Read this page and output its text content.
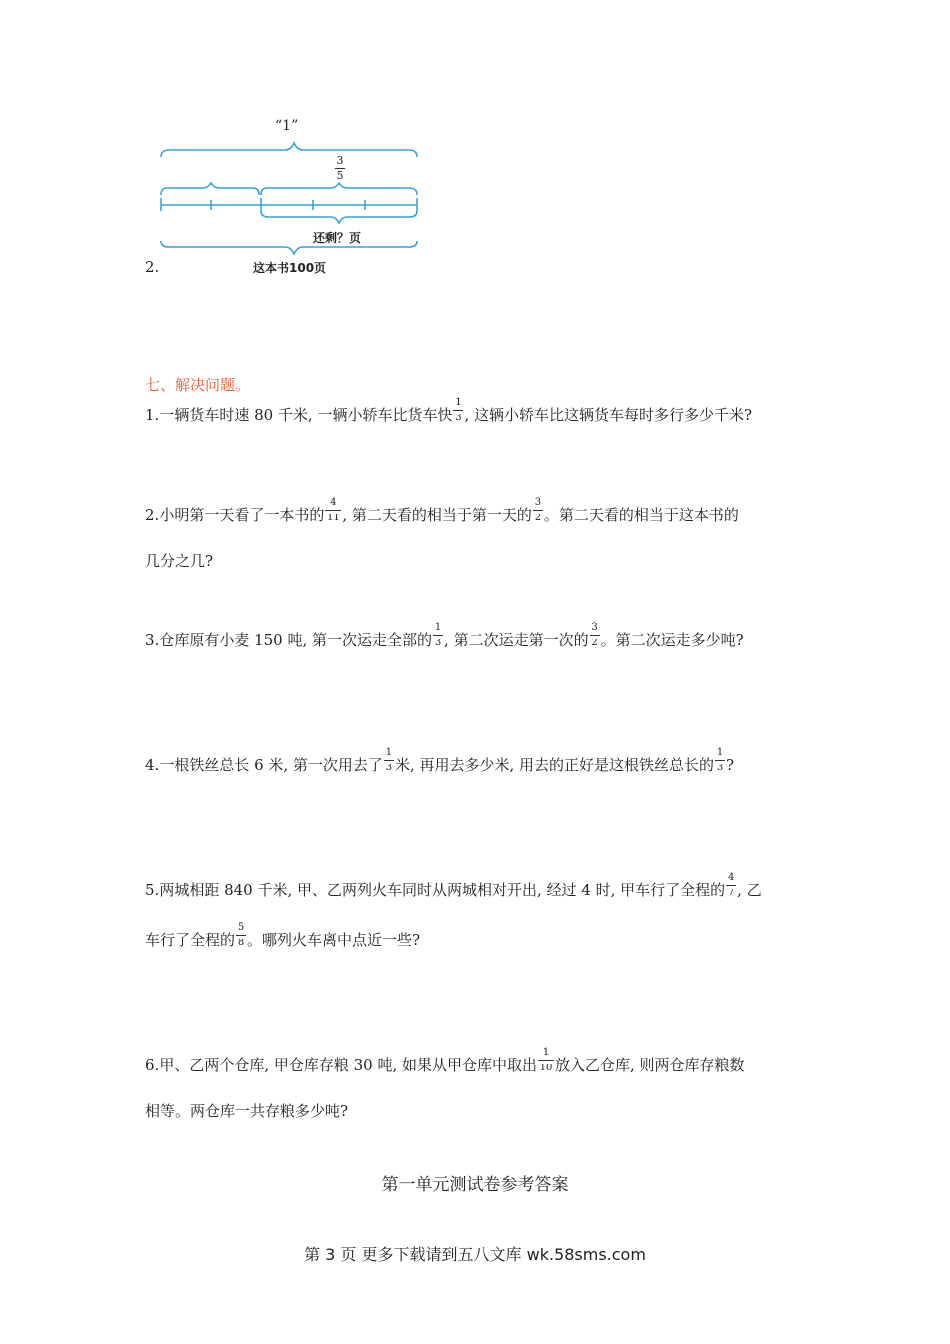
“1”
3
5
还剩？页
这本书100页
2.
七、解决问题。
1.一辆货车时速 80 千米, 一辆小轿车比货车快 $\frac{1}{3}$ , 这辆小轿车比这辆货车每时多行多少千米?
2.小明第一天看了一本书的 $\frac{4}{11}$ , 第二天看的相当于第一天的 $\frac{3}{2}$ 。第二天看的相当于这本书的
几分之几?
3.仓库原有小麦 150 吨, 第一次运走全部的 $\frac{1}{3}$ , 第二次运走第一次的 $\frac{3}{2}$ 。第二次运走多少吨?
4.一根铁丝总长 6 米, 第一次用去了 $\frac{1}{3}$ 米, 再用去多少米, 用去的正好是这根铁丝总长的 $\frac{1}{3}$ ?
5.两城相距 840 千米, 甲、乙两列火车同时从两城相对开出, 经过 4 时, 甲车行了全程的 $\frac{4}{7}$ , 乙
车行了全程的 $\frac{5}{8}$ 。哪列火车离中点近一些?
6.甲、乙两个仓库, 甲仓库存粮 30 吨, 如果从甲仓库中取出 $\frac{1}{10}$ 放入乙仓库, 则两仓库存粮数
相等。两仓库一共存粮多少吨?
第一单元测试卷参考答案
第 3 页 更多下载请到五八文库 wk.58sms.com
